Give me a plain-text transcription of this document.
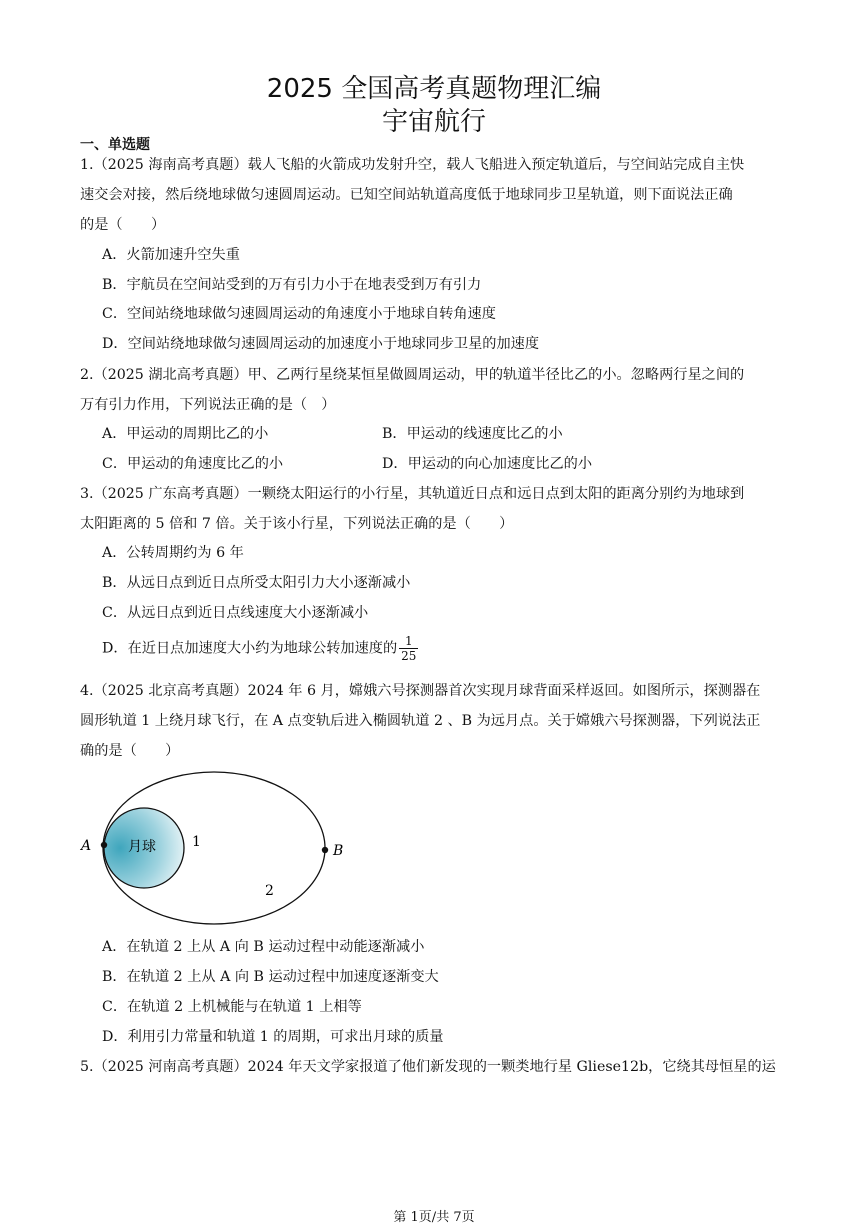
2025 全国高考真题物理汇编
宇宙航行
一、单选题
1.（2025 海南高考真题）载人飞船的火箭成功发射升空，载人飞船进入预定轨道后，与空间站完成自主快
速交会对接，然后绕地球做匀速圆周运动。已知空间站轨道高度低于地球同步卫星轨道，则下面说法正确
的是（　　）
A．火箭加速升空失重
B．宇航员在空间站受到的万有引力小于在地表受到万有引力
C．空间站绕地球做匀速圆周运动的角速度小于地球自转角速度
D．空间站绕地球做匀速圆周运动的加速度小于地球同步卫星的加速度
2.（2025 湖北高考真题）甲、乙两行星绕某恒星做圆周运动，甲的轨道半径比乙的小。忽略两行星之间的
万有引力作用，下列说法正确的是（　）
A．甲运动的周期比乙的小	B．甲运动的线速度比乙的小
C．甲运动的角速度比乙的小	D．甲运动的向心加速度比乙的小
3.（2025 广东高考真题）一颗绕太阳运行的小行星，其轨道近日点和远日点到太阳的距离分别约为地球到
太阳距离的 5 倍和 7 倍。关于该小行星，下列说法正确的是（　　）
A．公转周期约为 6 年
B．从远日点到近日点所受太阳引力大小逐渐减小
C．从远日点到近日点线速度大小逐渐减小
D．在近日点加速度大小约为地球公转加速度的 $\frac{1}{25}$
4.（2025 北京高考真题）2024 年 6 月，嫦娥六号探测器首次实现月球背面采样返回。如图所示，探测器在
圆形轨道 1 上绕月球飞行，在 A 点变轨后进入椭圆轨道 2 、B 为远月点。关于嫦娥六号探测器，下列说法正
确的是（　　）
月球	1
2
A	B
A．在轨道 2 上从 A 向 B 运动过程中动能逐渐减小
B．在轨道 2 上从 A 向 B 运动过程中加速度逐渐变大
C．在轨道 2 上机械能与在轨道 1 上相等
D．利用引力常量和轨道 1 的周期，可求出月球的质量
5.（2025 河南高考真题）2024 年天文学家报道了他们新发现的一颗类地行星 Gliese12b，它绕其母恒星的运
第 1页/共 7页
